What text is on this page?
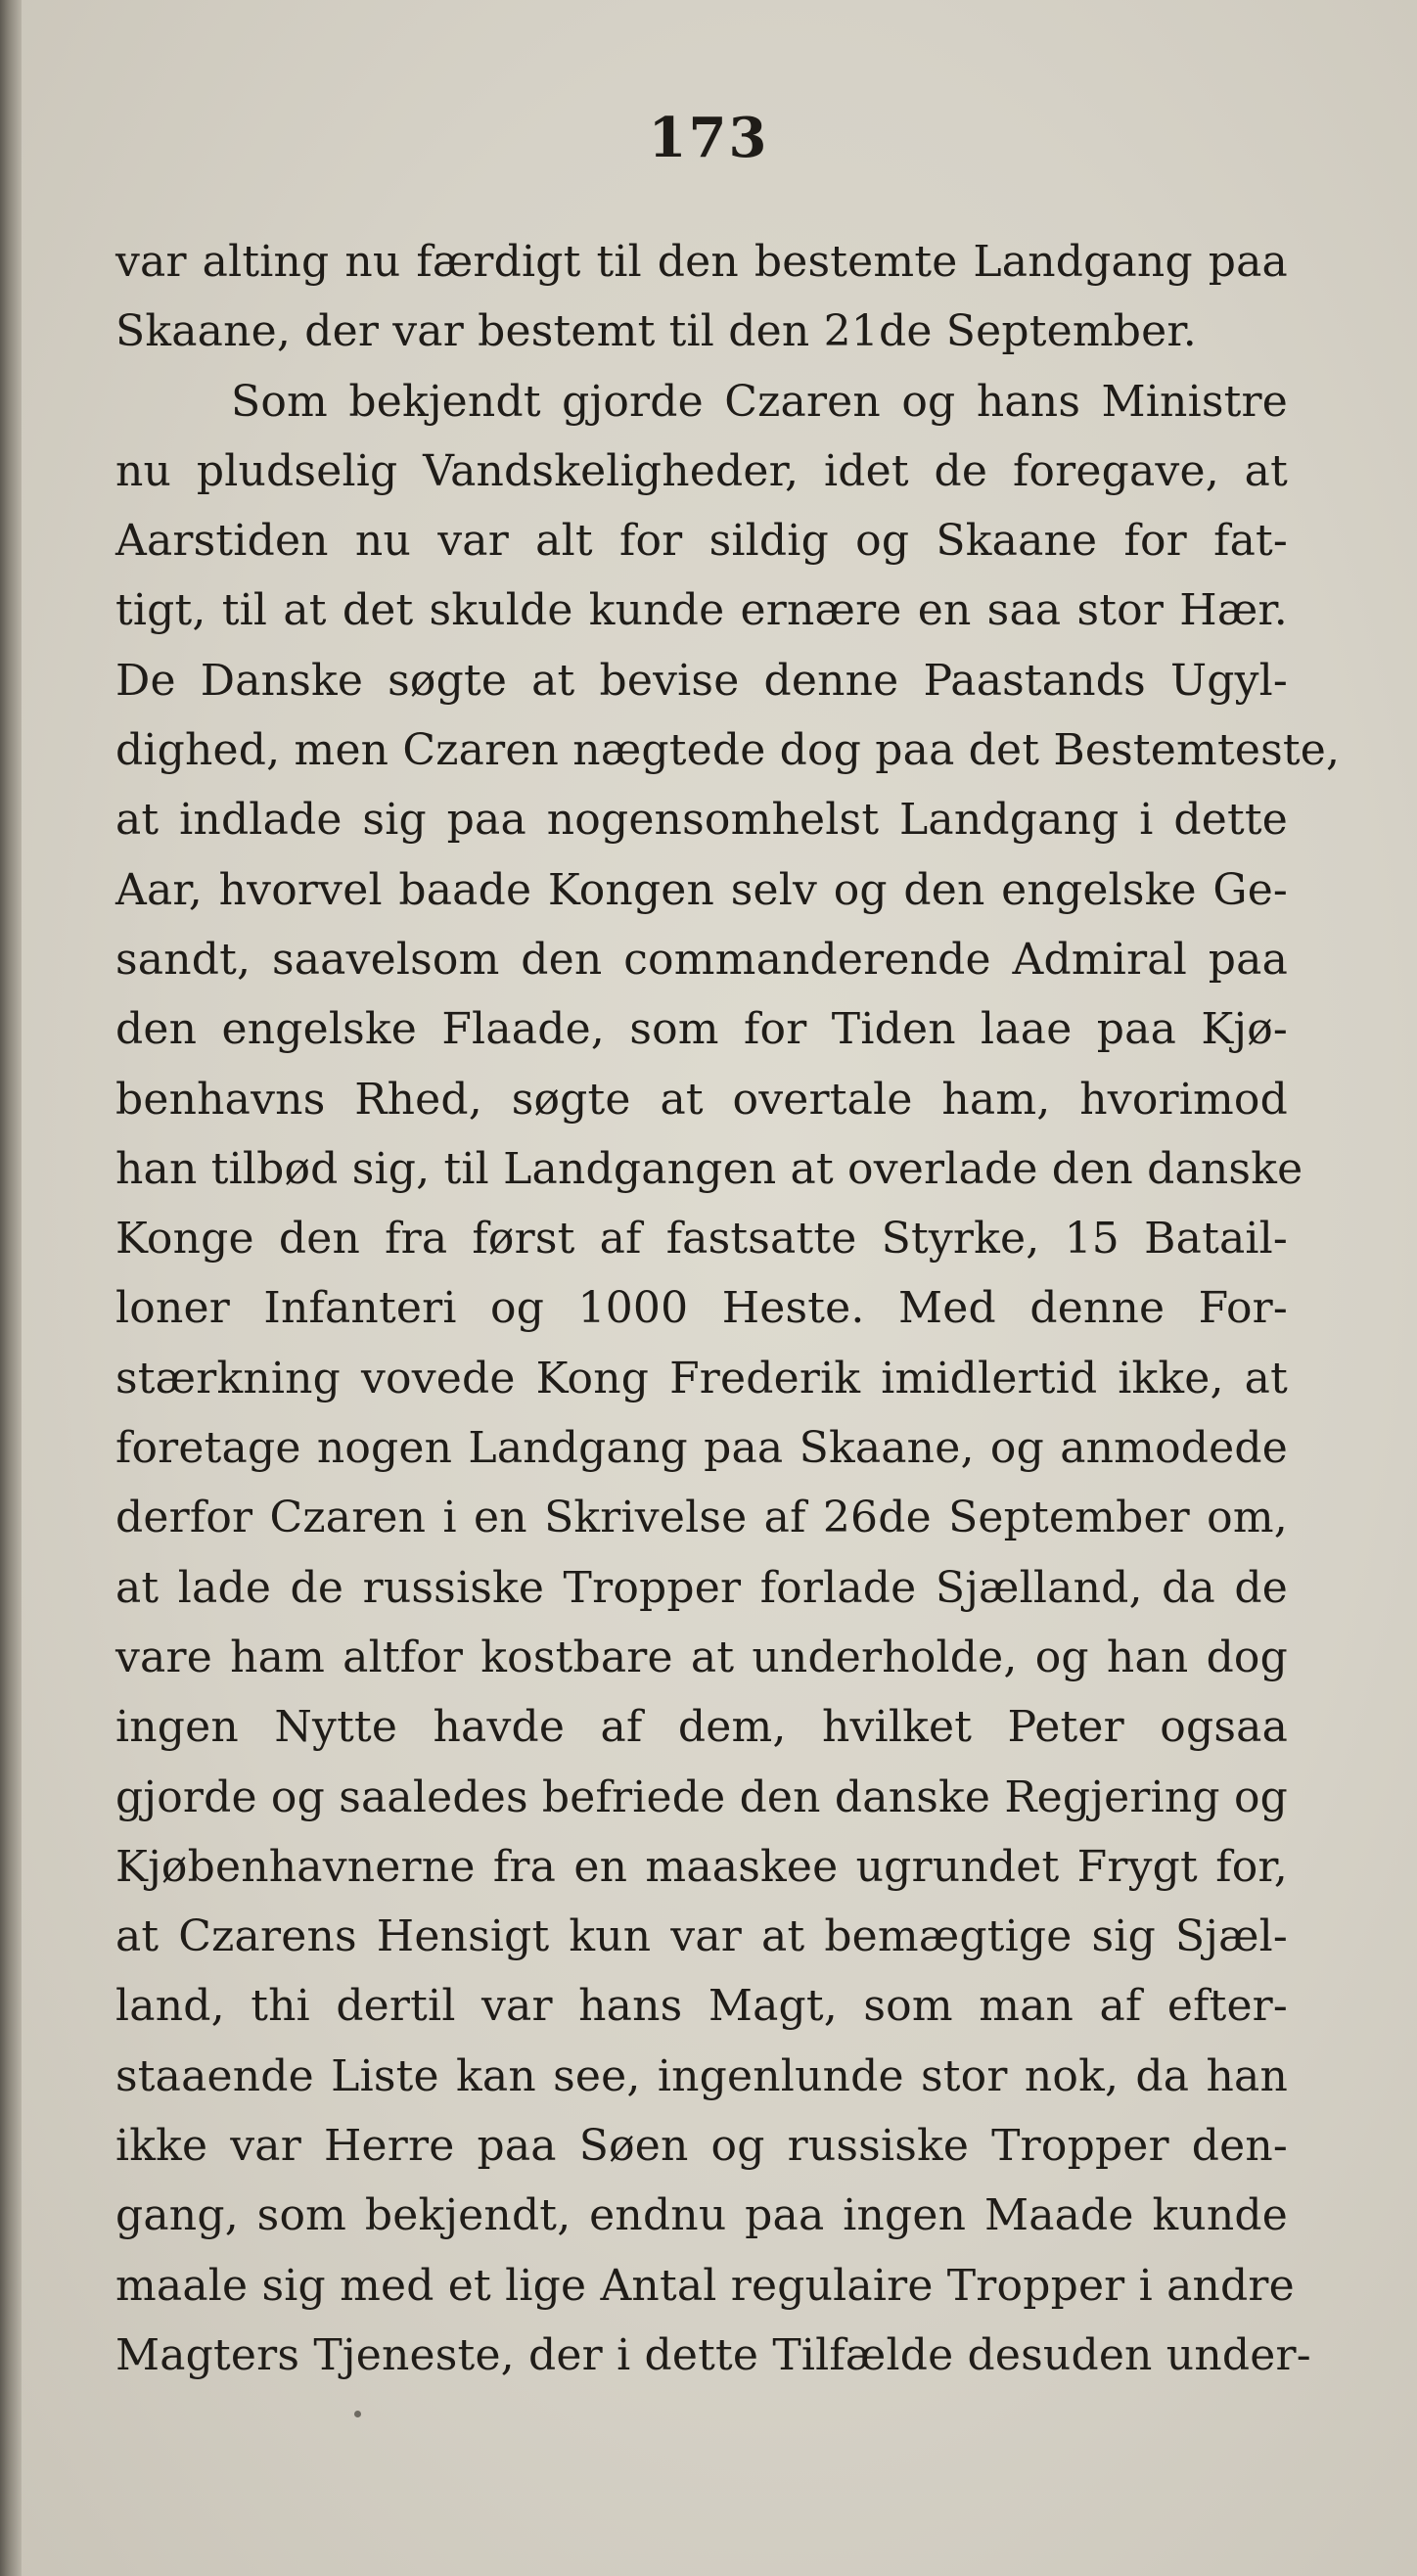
173
var alting nu færdigt til den bestemte Landgang paa
Skaane, der var bestemt til den 21de September.
Som bekjendt gjorde Czaren og hans Ministre
nu pludselig Vandskeligheder, idet de foregave, at
Aarstiden nu var alt for sildig og Skaane for fat-
tigt, til at det skulde kunde ernære en saa stor Hær.
De Danske søgte at bevise denne Paastands Ugyl-
dighed, men Czaren nægtede dog paa det Bestemteste,
at indlade sig paa nogensomhelst Landgang i dette
Aar, hvorvel baade Kongen selv og den engelske Ge-
sandt, saavelsom den commanderende Admiral paa
den engelske Flaade, som for Tiden laae paa Kjø-
benhavns Rhed, søgte at overtale ham, hvorimod
han tilbød sig, til Landgangen at overlade den danske
Konge den fra først af fastsatte Styrke, 15 Batail-
loner Infanteri og 1000 Heste. Med denne For-
stærkning vovede Kong Frederik imidlertid ikke, at
foretage nogen Landgang paa Skaane, og anmodede
derfor Czaren i en Skrivelse af 26de September om,
at lade de russiske Tropper forlade Sjælland, da de
vare ham altfor kostbare at underholde, og han dog
ingen Nytte havde af dem, hvilket Peter ogsaa
gjorde og saaledes befriede den danske Regjering og
Kjøbenhavnerne fra en maaskee ugrundet Frygt for,
at Czarens Hensigt kun var at bemægtige sig Sjæl-
land, thi dertil var hans Magt, som man af efter-
staaende Liste kan see, ingenlunde stor nok, da han
ikke var Herre paa Søen og russiske Tropper den-
gang, som bekjendt, endnu paa ingen Maade kunde
maale sig med et lige Antal regulaire Tropper i andre
Magters Tjeneste, der i dette Tilfælde desuden under-
